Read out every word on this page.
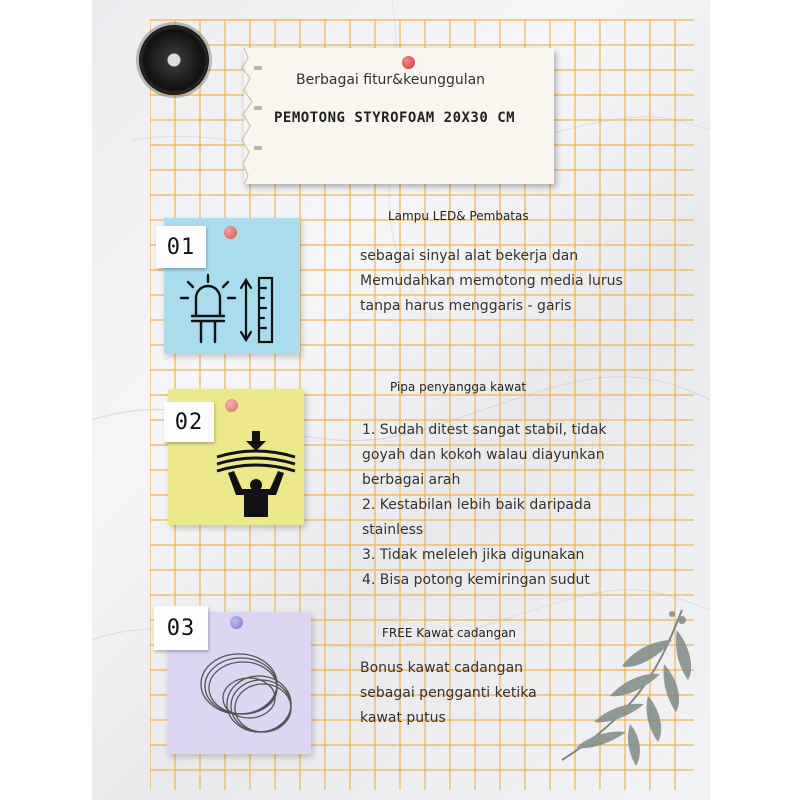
Berbagai fitur&keunggulan
PEMOTONG STYROFOAM 20X30 CM
01
Lampu LED& Pembatas
sebagai sinyal alat bekerja dan
Memudahkan memotong media lurus
tanpa harus menggaris - garis
02
Pipa penyangga kawat
1. Sudah ditest sangat stabil, tidak
goyah dan kokoh walau diayunkan
berbagai arah
2. Kestabilan lebih baik daripada
stainless
3. Tidak meleleh jika digunakan
4. Bisa potong kemiringan sudut
03	FREE Kawat cadangan
Bonus kawat cadangan
sebagai pengganti ketika
kawat putus
